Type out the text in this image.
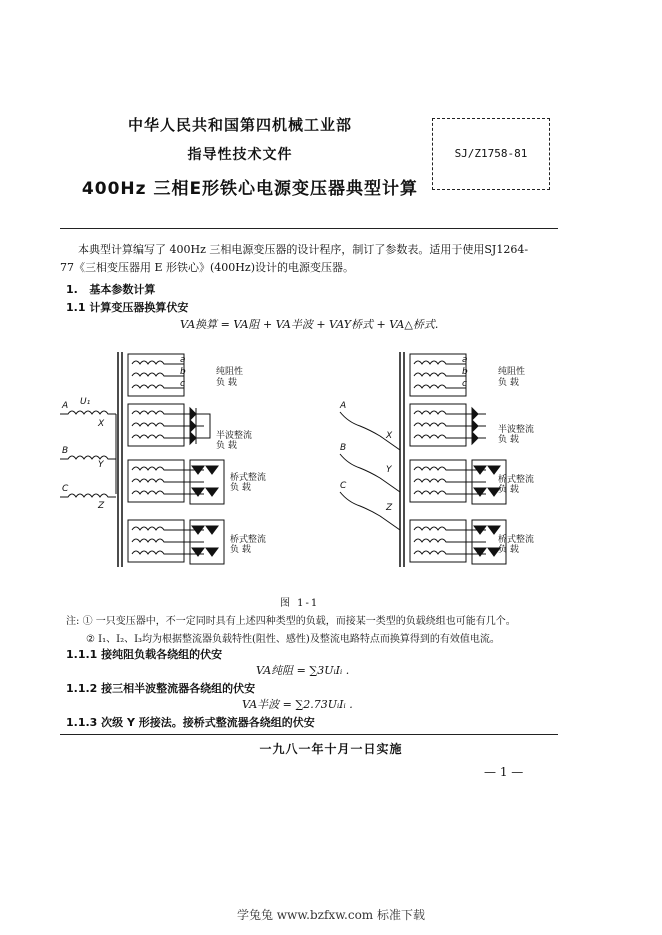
中华人民共和国第四机械工业部
指导性技术文件
400Hz 三相E形铁心电源变压器典型计算
SJ/Z1758-81
本典型计算编写了 400Hz 三相电源变压器的设计程序，制订了参数表。适用于使用SJ1264-
77《三相变压器用 E 形铁心》(400Hz)设计的电源变压器。
1. 基本参数计算
1.1 计算变压器换算伏安
VA换算 = VA阻 + VA半波 + VAY桥式 + VA△桥式.
A
B
C
X
Y
Z
U₁
a
b
c
纯阻性
负 载
半波整流
负 载
桥式整流
负 载
桥式整流
负 载
A
B
C
X
Y
Z
a
b
c
纯阻性
负 载
半波整流
负 载
桥式整流
负 载
桥式整流
负 载
图 1-1
注: ① 一只变压器中，不一定同时具有上述四种类型的负载，而接某一类型的负载绕组也可能有几个。
② I₁、I₂、I₃均为根据整流器负载特性(阻性、感性)及整流电路特点而换算得到的有效值电流。
1.1.1 接纯阻负载各绕组的伏安
VA纯阻 = ∑3UᵢIᵢ .
1.1.2 接三相半波整流器各绕组的伏安
VA半波 = ∑2.73UᵢIᵢ .
1.1.3 次级 Y 形接法。接桥式整流器各绕组的伏安
一九八一年十月一日实施
— 1 —
学兔兔 www.bzfxw.com 标准下载
